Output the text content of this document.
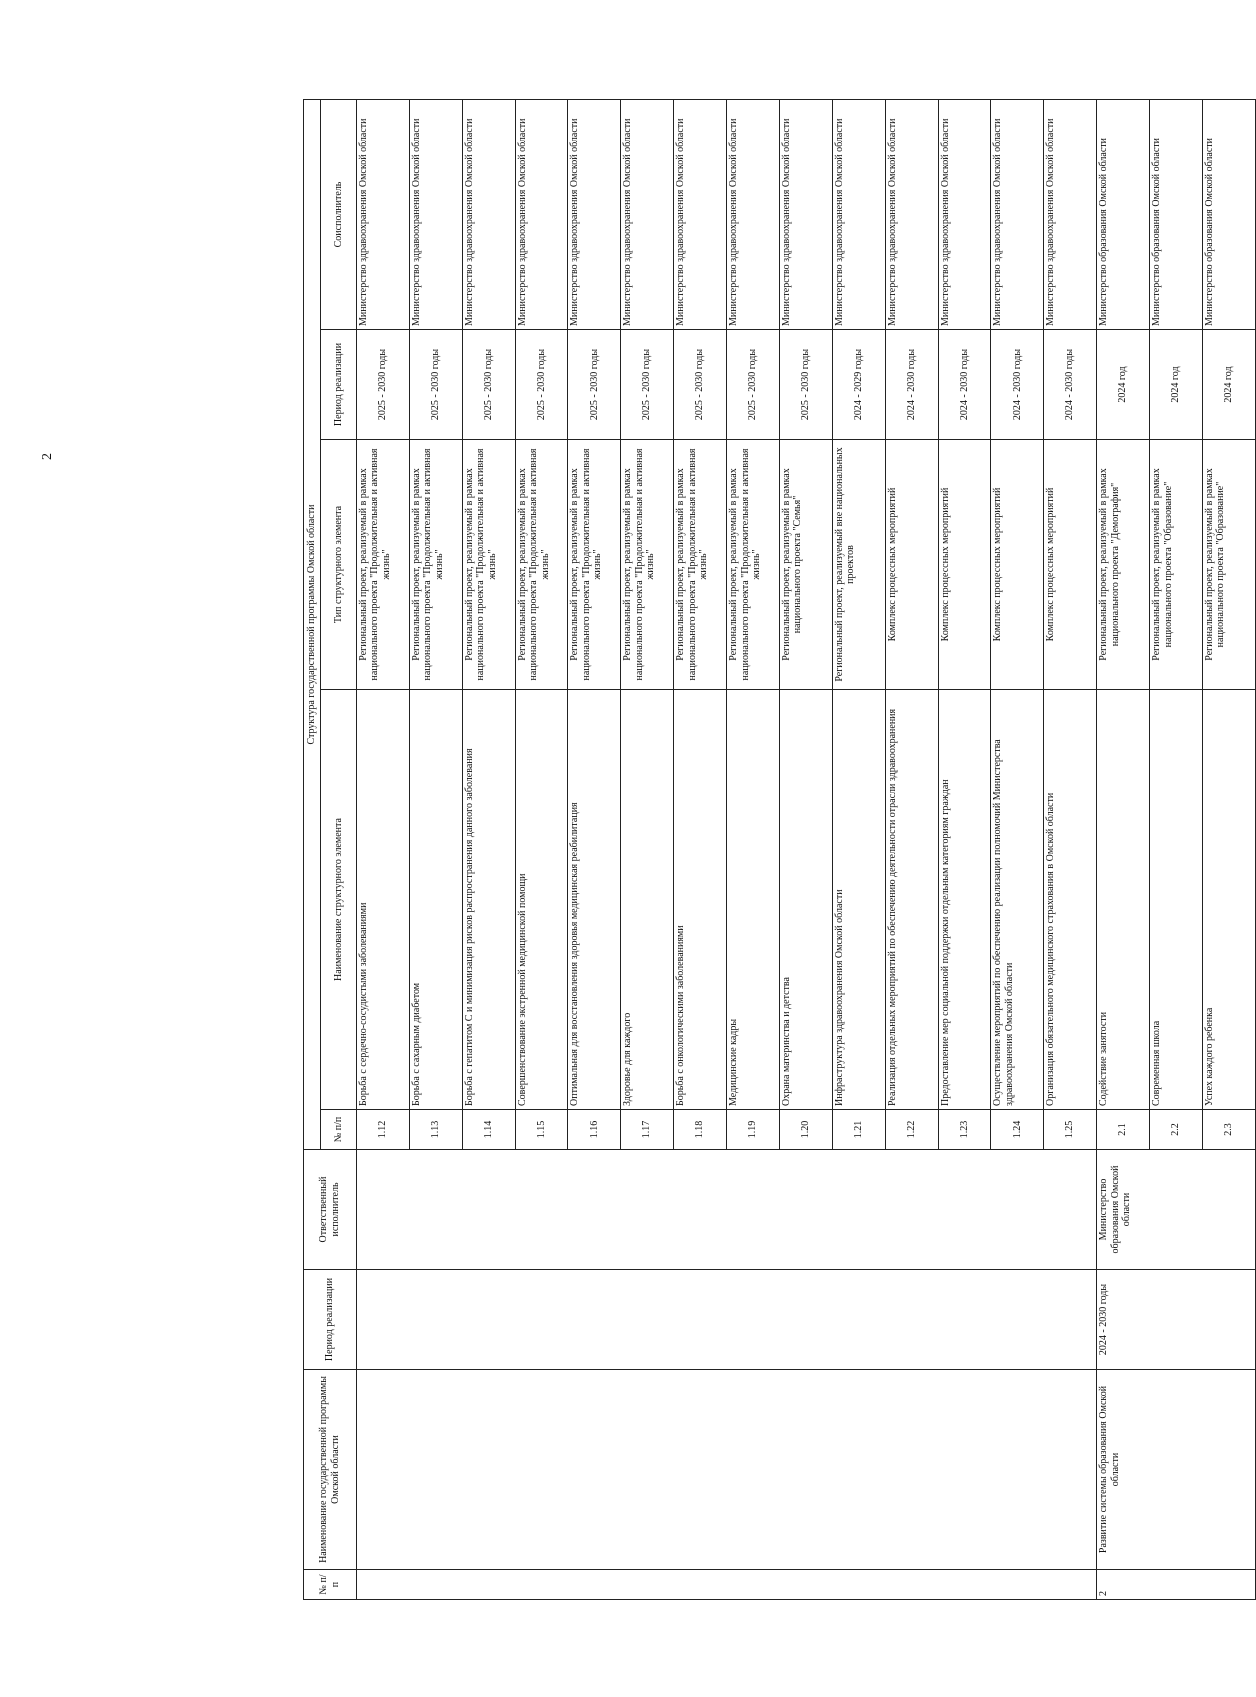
2
№ п/п	Наименование государственной программы Омской области	Период реализации	Ответственный исполнитель	Структура государственной программы Омской области				
				№ п/п	Наименование структурного элемента	Тип структурного элемента	Период реализации	Соисполнитель
				1.12	Борьба с сердечно-сосудистыми заболеваниями	Региональный проект, реализуемый в рамках национального проекта "Продолжительная и активная жизнь"	2025 - 2030 годы	Министерство здравоохранения Омской области
				1.13	Борьба с сахарным диабетом	Региональный проект, реализуемый в рамках национального проекта "Продолжительная и активная жизнь"	2025 - 2030 годы	Министерство здравоохранения Омской области
				1.14	Борьба с гепатитом С и минимизация рисков распространения данного заболевания	Региональный проект, реализуемый в рамках национального проекта "Продолжительная и активная жизнь"	2025 - 2030 годы	Министерство здравоохранения Омской области
				1.15	Совершенствование экстренной медицинской помощи	Региональный проект, реализуемый в рамках национального проекта "Продолжительная и активная жизнь"	2025 - 2030 годы	Министерство здравоохранения Омской области
				1.16	Оптимальная для восстановления здоровья медицинская реабилитация	Региональный проект, реализуемый в рамках национального проекта "Продолжительная и активная жизнь"	2025 - 2030 годы	Министерство здравоохранения Омской области
				1.17	Здоровье для каждого	Региональный проект, реализуемый в рамках национального проекта "Продолжительная и активная жизнь"	2025 - 2030 годы	Министерство здравоохранения Омской области
				1.18	Борьба с онкологическими заболеваниями	Региональный проект, реализуемый в рамках национального проекта "Продолжительная и активная жизнь"	2025 - 2030 годы	Министерство здравоохранения Омской области
				1.19	Медицинские кадры	Региональный проект, реализуемый в рамках национального проекта "Продолжительная и активная жизнь"	2025 - 2030 годы	Министерство здравоохранения Омской области
				1.20	Охрана материнства и детства	Региональный проект, реализуемый в рамках национального проекта "Семья"	2025 - 2030 годы	Министерство здравоохранения Омской области
				1.21	Инфраструктура здравоохранения Омской области	Региональный проект, реализуемый вне национальных проектов	2024 - 2029 годы	Министерство здравоохранения Омской области
				1.22	Реализация отдельных мероприятий по обеспечению деятельности отрасли здравоохранения	Комплекс процессных мероприятий	2024 - 2030 годы	Министерство здравоохранения Омской области
				1.23	Предоставление мер социальной поддержки отдельным категориям граждан	Комплекс процессных мероприятий	2024 - 2030 годы	Министерство здравоохранения Омской области
				1.24	Осуществление мероприятий по обеспечению реализации полномочий Министерства здравоохранения Омской области	Комплекс процессных мероприятий	2024 - 2030 годы	Министерство здравоохранения Омской области
				1.25	Организация обязательного медицинского страхования в Омской области	Комплекс процессных мероприятий	2024 - 2030 годы	Министерство здравоохранения Омской области
2	Развитие системы образования Омской области	2024 - 2030 годы	Министерство образования Омской области	2.1	Содействие занятости	Региональный проект, реализуемый в рамках национального проекта "Демография"	2024 год	Министерство образования Омской области
				2.2	Современная школа	Региональный проект, реализуемый в рамках национального проекта "Образование"	2024 год	Министерство образования Омской области
				2.3	Успех каждого ребенка	Региональный проект, реализуемый в рамках национального проекта "Образование"	2024 год	Министерство образования Омской области
